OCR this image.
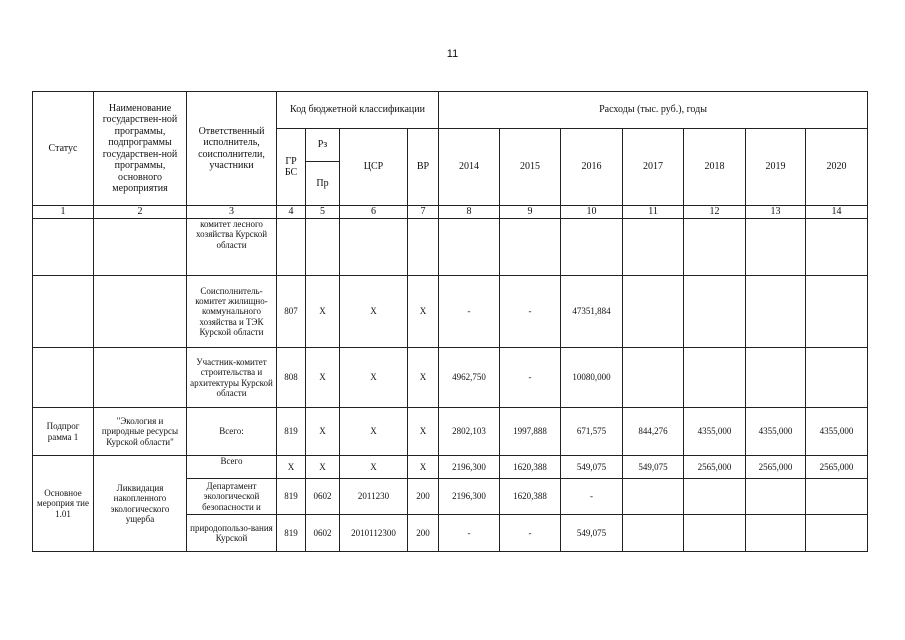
11
Статус	Наименование государствен-ной программы, подпрограммы государствен-ной программы, основного мероприятия	Ответственный исполнитель, соисполнители, участники	Код бюджетной классификации				Расходы (тыс. руб.), годы						
			ГР БС	Рз	ЦСР	ВР	2014	2015	2016	2017	2018	2019	2020
				Пр									
1	2	3	4	5	6	7	8	9	10	11	12	13	14
		комитет лесного хозяйства Курской области											
		Соисполнитель-комитет жилищно-коммунального хозяйства и ТЭК Курской области	807	X	X	X	-	-	47351,884				
		Участник-комитет строительства и архитектуры Курской области	808	X	X	X	4962,750	-	10080,000				
Подпрог рамма 1	"Экология и природные ресурсы Курской области"	Всего:	819	X	X	X	2802,103	1997,888	671,575	844,276	4355,000	4355,000	4355,000
Основное мероприя тие 1.01	Ликвидация накопленного экологического ущерба	Всего	X	X	X	X	2196,300	1620,388	549,075	549,075	2565,000	2565,000	2565,000
		Департамент экологической безопасности и	819	0602	2011230	200	2196,300	1620,388	-				
		природопользо-вания Курской	819	0602	2010112300	200	-	-	549,075				
